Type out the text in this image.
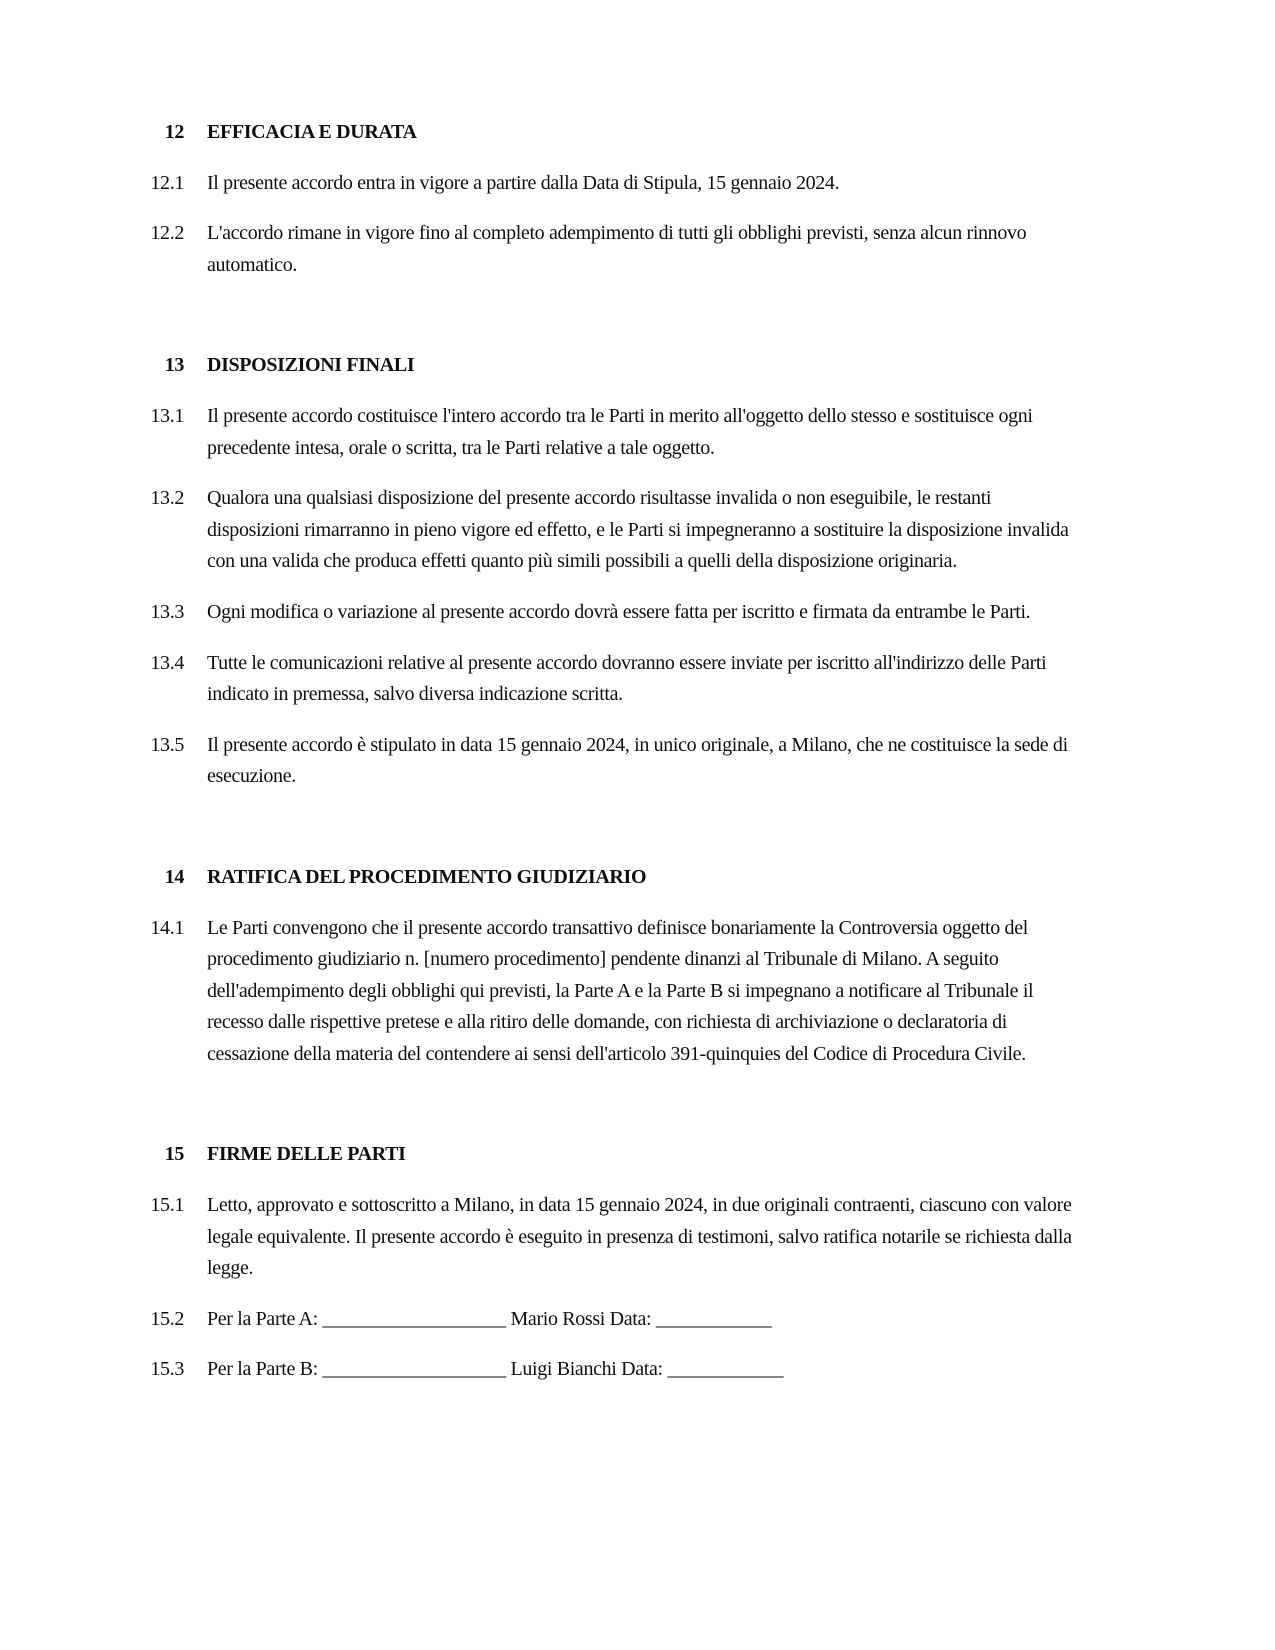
12 EFFICACIA E DURATA
12.1 Il presente accordo entra in vigore a partire dalla Data di Stipula, 15 gennaio 2024.
12.2 L'accordo rimane in vigore fino al completo adempimento di tutti gli obblighi previsti, senza alcun rinnovo automatico.
13 DISPOSIZIONI FINALI
13.1 Il presente accordo costituisce l'intero accordo tra le Parti in merito all'oggetto dello stesso e sostituisce ogni precedente intesa, orale o scritta, tra le Parti relative a tale oggetto.
13.2 Qualora una qualsiasi disposizione del presente accordo risultasse invalida o non eseguibile, le restanti disposizioni rimarranno in pieno vigore ed effetto, e le Parti si impegneranno a sostituire la disposizione invalida con una valida che produca effetti quanto più simili possibili a quelli della disposizione originaria.
13.3 Ogni modifica o variazione al presente accordo dovrà essere fatta per iscritto e firmata da entrambe le Parti.
13.4 Tutte le comunicazioni relative al presente accordo dovranno essere inviate per iscritto all'indirizzo delle Parti indicato in premessa, salvo diversa indicazione scritta.
13.5 Il presente accordo è stipulato in data 15 gennaio 2024, in unico originale, a Milano, che ne costituisce la sede di esecuzione.
14 RATIFICA DEL PROCEDIMENTO GIUDIZIARIO
14.1 Le Parti convengono che il presente accordo transattivo definisce bonariamente la Controversia oggetto del procedimento giudiziario n. [numero procedimento] pendente dinanzi al Tribunale di Milano. A seguito dell'adempimento degli obblighi qui previsti, la Parte A e la Parte B si impegnano a notificare al Tribunale il recesso dalle rispettive pretese e alla ritiro delle domande, con richiesta di archiviazione o declaratoria di cessazione della materia del contendere ai sensi dell'articolo 391-quinquies del Codice di Procedura Civile.
15 FIRME DELLE PARTI
15.1 Letto, approvato e sottoscritto a Milano, in data 15 gennaio 2024, in due originali contraenti, ciascuno con valore legale equivalente. Il presente accordo è eseguito in presenza di testimoni, salvo ratifica notarile se richiesta dalla legge.
15.2 Per la Parte A: ___________________ Mario Rossi Data: ____________
15.3 Per la Parte B: ___________________ Luigi Bianchi Data: ____________
